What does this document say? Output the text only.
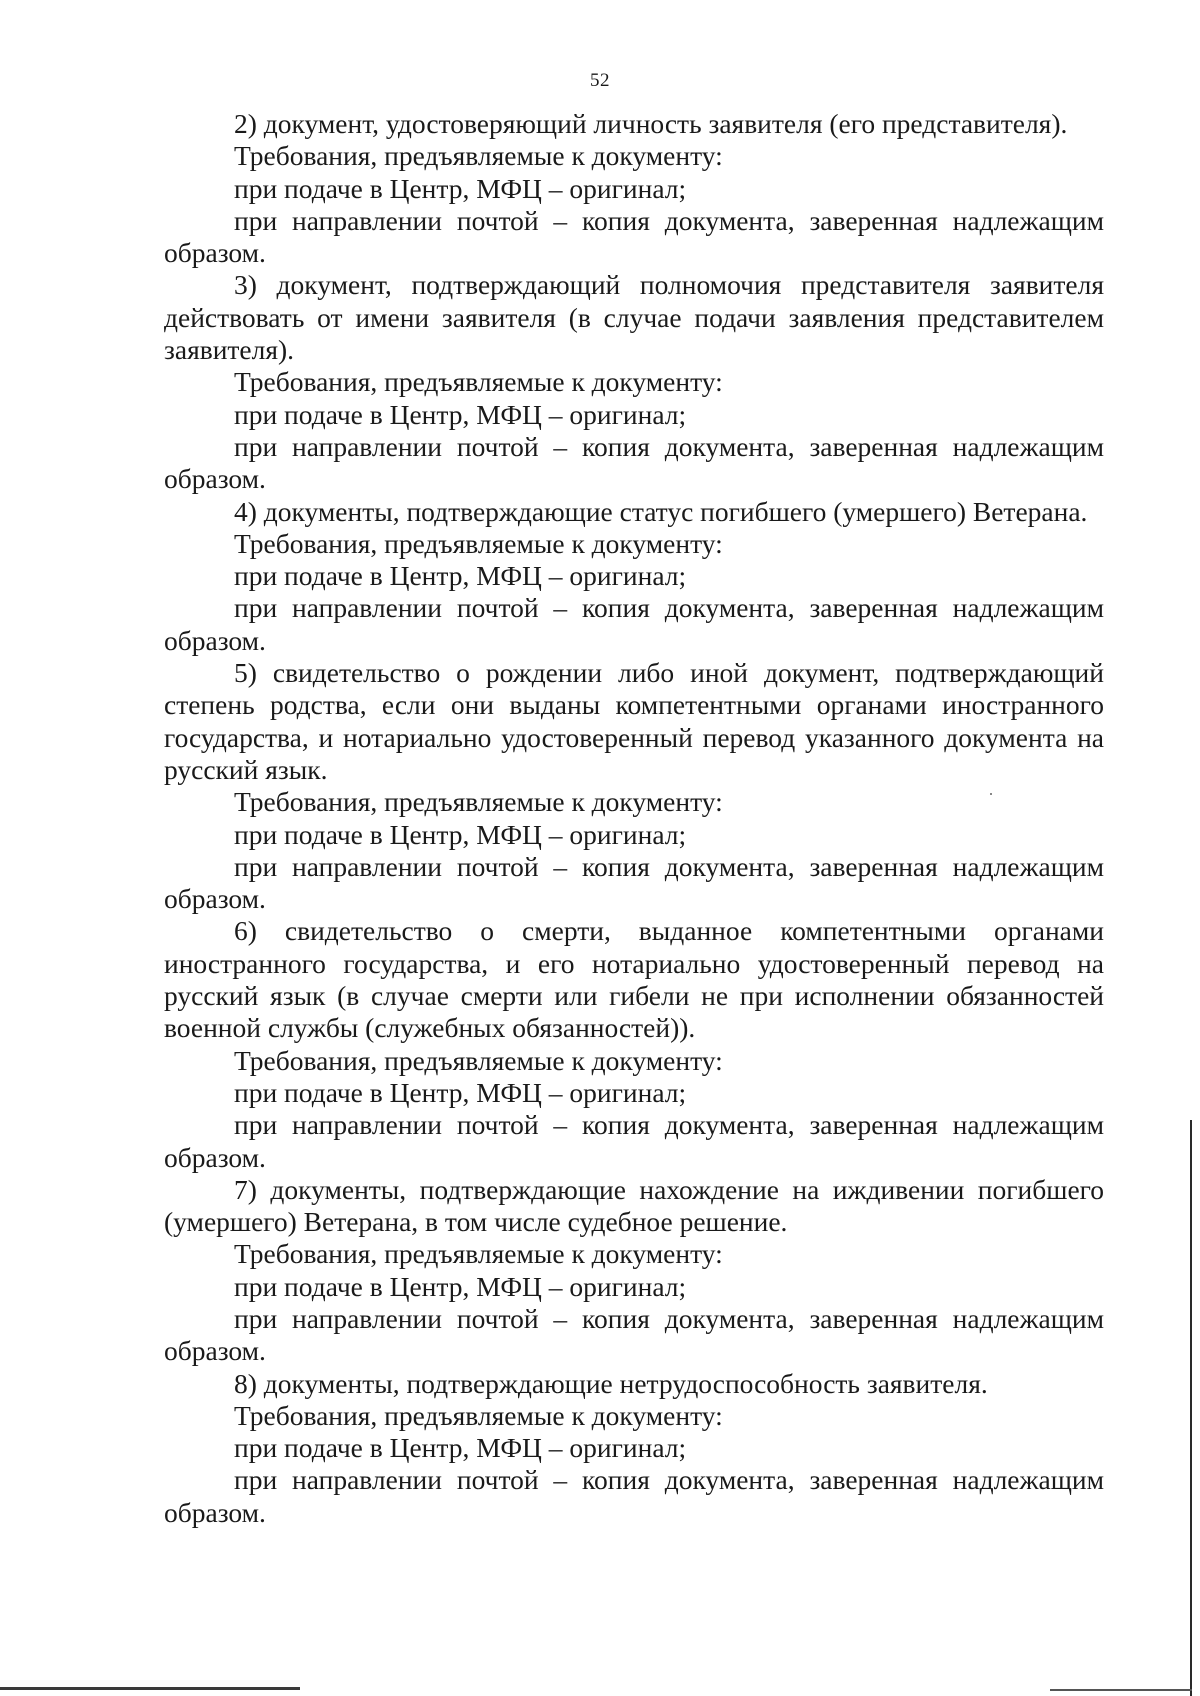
52

2) документ, удостоверяющий личность заявителя (его представителя).

Требования, предъявляемые к документу:

при подаче в Центр, МФЦ – оригинал;

при направлении почтой – копия документа, заверенная надлежащим образом.

3) документ, подтверждающий полномочия представителя заявителя действовать от имени заявителя (в случае подачи заявления представителем заявителя).

Требования, предъявляемые к документу:

при подаче в Центр, МФЦ – оригинал;

при направлении почтой – копия документа, заверенная надлежащим образом.

4) документы, подтверждающие статус погибшего (умершего) Ветерана.

Требования, предъявляемые к документу:

при подаче в Центр, МФЦ – оригинал;

при направлении почтой – копия документа, заверенная надлежащим образом.

5) свидетельство о рождении либо иной документ, подтверждающий степень родства, если они выданы компетентными органами иностранного государства, и нотариально удостоверенный перевод указанного документа на русский язык.

Требования, предъявляемые к документу:

при подаче в Центр, МФЦ – оригинал;

при направлении почтой – копия документа, заверенная надлежащим образом.

6) свидетельство о смерти, выданное компетентными органами иностранного государства, и его нотариально удостоверенный перевод на русский язык (в случае смерти или гибели не при исполнении обязанностей военной службы (служебных обязанностей)).

Требования, предъявляемые к документу:

при подаче в Центр, МФЦ – оригинал;

при направлении почтой – копия документа, заверенная надлежащим образом.

7) документы, подтверждающие нахождение на иждивении погибшего (умершего) Ветерана, в том числе судебное решение.

Требования, предъявляемые к документу:

при подаче в Центр, МФЦ – оригинал;

при направлении почтой – копия документа, заверенная надлежащим образом.

8) документы, подтверждающие нетрудоспособность заявителя.

Требования, предъявляемые к документу:

при подаче в Центр, МФЦ – оригинал;

при направлении почтой – копия документа, заверенная надлежащим образом.
